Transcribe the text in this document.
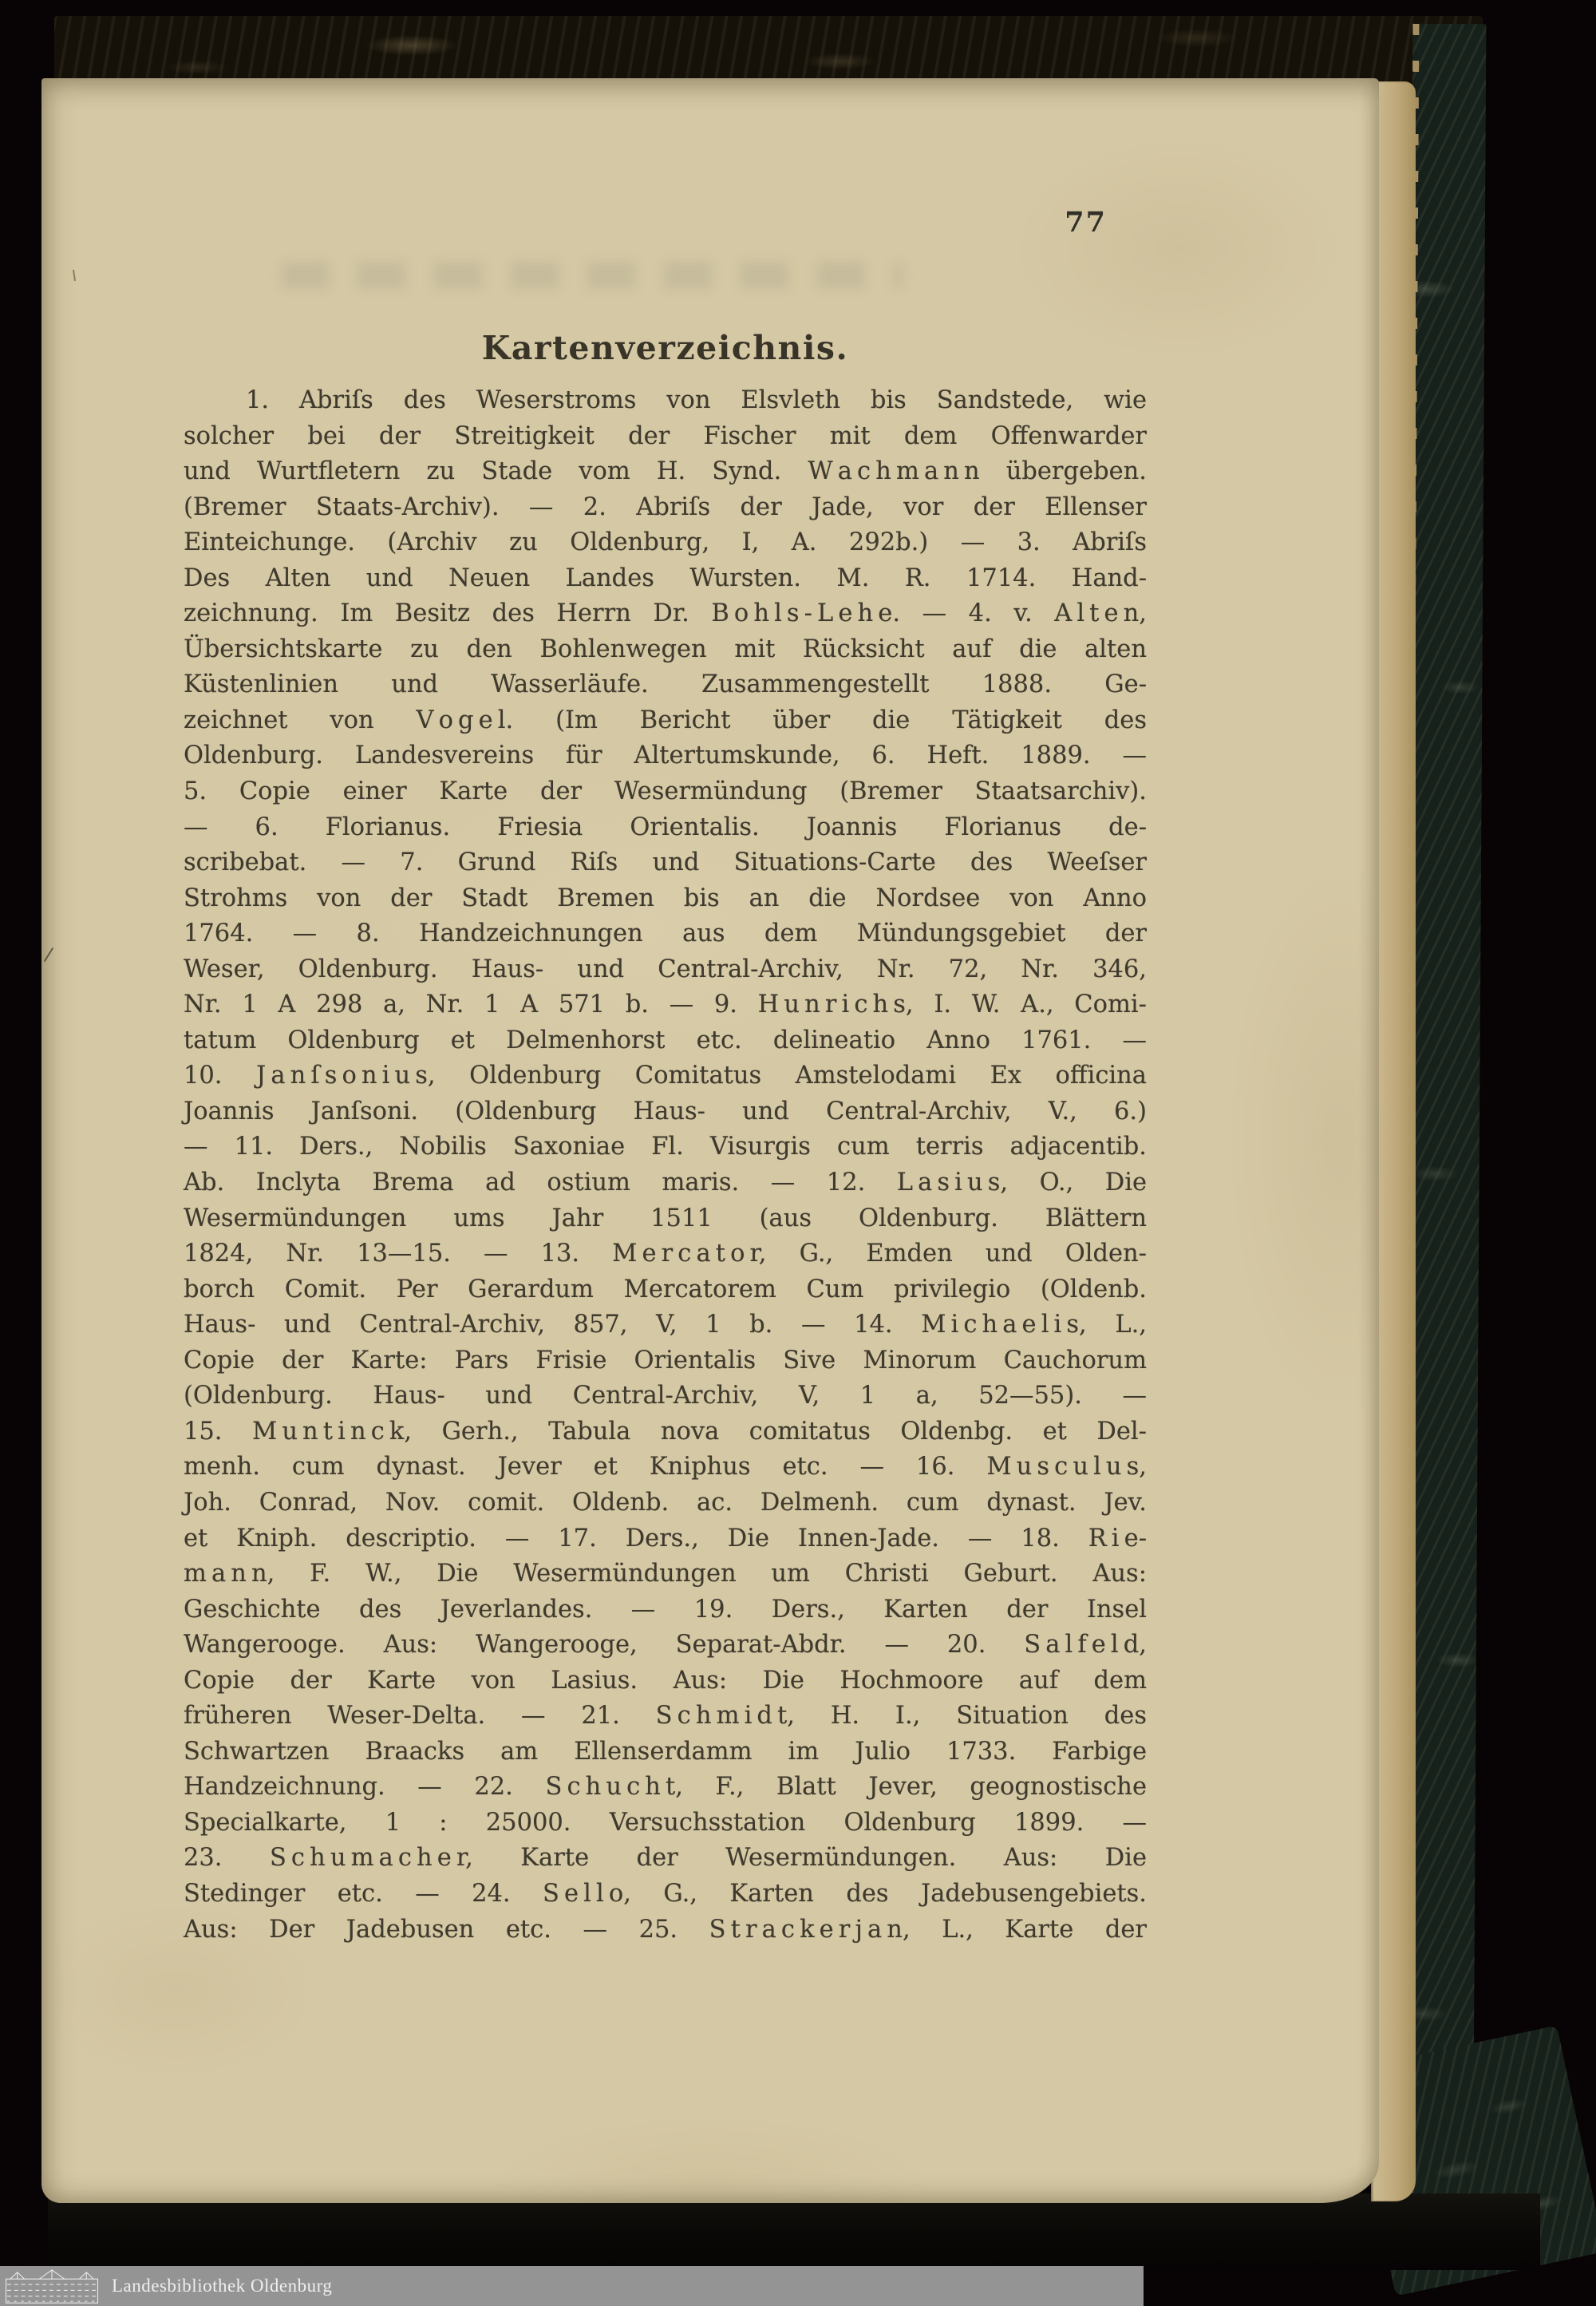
77
Kartenverzeichnis.
1. Abriſs des Weserstroms von Elsvleth bis Sandstede, wie
solcher bei der Streitigkeit der Fischer mit dem Offenwarder
und Wurtfletern zu Stade vom H. Synd. W a c h m a n n übergeben.
(Bremer Staats-Archiv). — 2. Abriſs der Jade, vor der Ellenser
Einteichunge. (Archiv zu Oldenburg, I, A. 292b.) — 3. Abriſs
Des Alten und Neuen Landes Wursten. M. R. 1714. Hand-
zeichnung. Im Besitz des Herrn Dr. B o h l s - L e h e. — 4. v. A l t e n,
Übersichtskarte zu den Bohlenwegen mit Rücksicht auf die alten
Küstenlinien und Wasserläufe. Zusammengestellt 1888. Ge-
zeichnet von V o g e l. (Im Bericht über die Tätigkeit des
Oldenburg. Landesvereins für Altertumskunde, 6. Heft. 1889. —
5. Copie einer Karte der Wesermündung (Bremer Staatsarchiv).
— 6. Florianus. Friesia Orientalis. Joannis Florianus de-
scribebat. — 7. Grund Riſs und Situations-Carte des Weeſser
Strohms von der Stadt Bremen bis an die Nordsee von Anno
1764. — 8. Handzeichnungen aus dem Mündungsgebiet der
Weser, Oldenburg. Haus- und Central-Archiv, Nr. 72, Nr. 346,
Nr. 1 A 298 a, Nr. 1 A 571 b. — 9. H u n r i c h s, I. W. A., Comi-
tatum Oldenburg et Delmenhorst etc. delineatio Anno 1761. —
10. J a n ſ s o n i u s, Oldenburg Comitatus Amstelodami Ex officina
Joannis Janſsoni. (Oldenburg Haus- und Central-Archiv, V., 6.)
— 11. Ders., Nobilis Saxoniae Fl. Visurgis cum terris adjacentib.
Ab. Inclyta Brema ad ostium maris. — 12. L a s i u s, O., Die
Wesermündungen ums Jahr 1511 (aus Oldenburg. Blättern
1824, Nr. 13—15. — 13. M e r c a t o r, G., Emden und Olden-
borch Comit. Per Gerardum Mercatorem Cum privilegio (Oldenb.
Haus- und Central-Archiv, 857, V, 1 b. — 14. M i c h a e l i s, L.,
Copie der Karte: Pars Frisie Orientalis Sive Minorum Cauchorum
(Oldenburg. Haus- und Central-Archiv, V, 1 a, 52—55). —
15. M u n t i n c k, Gerh., Tabula nova comitatus Oldenbg. et Del-
menh. cum dynast. Jever et Kniphus etc. — 16. M u s c u l u s,
Joh. Conrad, Nov. comit. Oldenb. ac. Delmenh. cum dynast. Jev.
et Kniph. descriptio. — 17. Ders., Die Innen-Jade. — 18. R i e-
m a n n, F. W., Die Wesermündungen um Christi Geburt. Aus:
Geschichte des Jeverlandes. — 19. Ders., Karten der Insel
Wangerooge. Aus: Wangerooge, Separat-Abdr. — 20. S a l f e l d,
Copie der Karte von Lasius. Aus: Die Hochmoore auf dem
früheren Weser-Delta. — 21. S c h m i d t, H. I., Situation des
Schwartzen Braacks am Ellenserdamm im Julio 1733. Farbige
Handzeichnung. — 22. S c h u c h t, F., Blatt Jever, geognostische
Specialkarte, 1 : 25000. Versuchsstation Oldenburg 1899. —
23. S c h u m a c h e r, Karte der Wesermündungen. Aus: Die
Stedinger etc. — 24. S e l l o, G., Karten des Jadebusengebiets.
Aus: Der Jadebusen etc. — 25. S t r a c k e r j a n, L., Karte der
Landesbibliothek Oldenburg
